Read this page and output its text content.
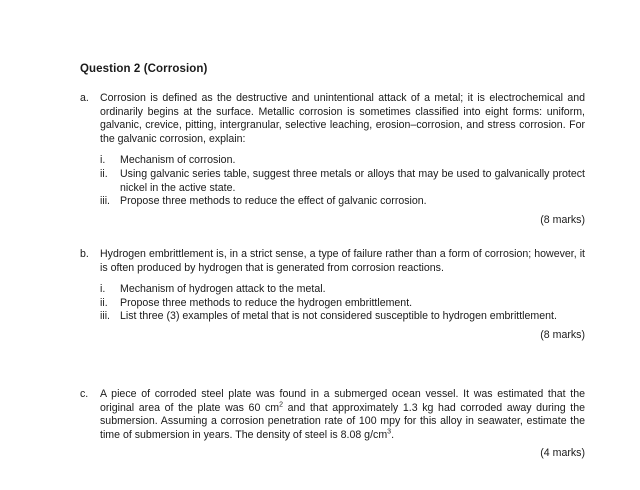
Question 2 (Corrosion)
a. Corrosion is defined as the destructive and unintentional attack of a metal; it is electrochemical and ordinarily begins at the surface. Metallic corrosion is sometimes classified into eight forms: uniform, galvanic, crevice, pitting, intergranular, selective leaching, erosion–corrosion, and stress corrosion. For the galvanic corrosion, explain:
i. Mechanism of corrosion.
ii. Using galvanic series table, suggest three metals or alloys that may be used to galvanically protect nickel in the active state.
iii. Propose three methods to reduce the effect of galvanic corrosion.
(8 marks)
b. Hydrogen embrittlement is, in a strict sense, a type of failure rather than a form of corrosion; however, it is often produced by hydrogen that is generated from corrosion reactions.
i. Mechanism of hydrogen attack to the metal.
ii. Propose three methods to reduce the hydrogen embrittlement.
iii. List three (3) examples of metal that is not considered susceptible to hydrogen embrittlement.
(8 marks)
c. A piece of corroded steel plate was found in a submerged ocean vessel. It was estimated that the original area of the plate was 60 $cm^2$ and that approximately 1.3 kg had corroded away during the submersion. Assuming a corrosion penetration rate of 100 mpy for this alloy in seawater, estimate the time of submersion in years. The density of steel is 8.08 $g/cm^3$.
(4 marks)
